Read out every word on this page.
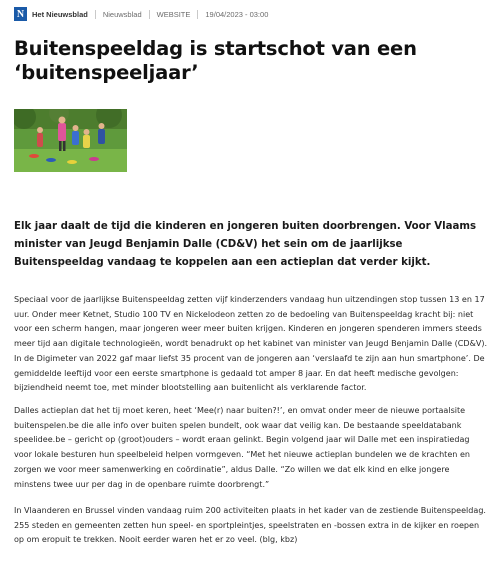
N	Het Nieuwsblad Nieuwsblad WEBSITE 19/04/2023 - 03:00
Buitenspeeldag is startschot van een ‘buitenspeeljaar’

Elk jaar daalt de tijd die kinderen en jongeren buiten doorbrengen. Voor Vlaams minister van Jeugd Benjamin Dalle (CD&V) het sein om de jaarlijkse Buitenspeeldag vandaag te koppelen aan een actieplan dat verder kijkt.

Speciaal voor de jaarlijkse Buitenspeeldag zetten vijf kinderzenders vandaag hun uitzendingen stop tussen 13 en 17 uur. Onder meer Ketnet, Studio 100 TV en Nickelodeon zetten zo de bedoeling van Buitenspeeldag kracht bij: niet voor een scherm hangen, maar jongeren weer meer buiten krijgen. Kinderen en jongeren spenderen immers steeds meer tijd aan digitale technologieën, wordt benadrukt op het kabinet van minister van Jeugd Benjamin Dalle (CD&V). In de Digimeter van 2022 gaf maar liefst 35 procent van de jongeren aan ‘verslaafd te zijn aan hun smartphone’. De gemiddelde leeftijd voor een eerste smartphone is gedaald tot amper 8 jaar. En dat heeft medische gevolgen: bijziendheid neemt toe, met minder blootstelling aan buitenlicht als verklarende factor.

Dalles actieplan dat het tij moet keren, heet ‘Mee(r) naar buiten?!’, en omvat onder meer de nieuwe portaalsite buitenspelen.be die alle info over buiten spelen bundelt, ook waar dat veilig kan. De bestaande speeldatabank speelidee.be – gericht op (groot)ouders – wordt eraan gelinkt. Begin volgend jaar wil Dalle met een inspiratiedag voor lokale besturen hun speelbeleid helpen vormgeven. “Met het nieuwe actieplan bundelen we de krachten en zorgen we voor meer samenwerking en coördinatie”, aldus Dalle. “Zo willen we dat elk kind en elke jongere minstens twee uur per dag in de openbare ruimte doorbrengt.”

In Vlaanderen en Brussel vinden vandaag ruim 200 activiteiten plaats in het kader van de zestiende Buitenspeeldag. 255 steden en gemeenten zetten hun speel- en sportpleintjes, speelstraten en -bossen extra in de kijker en roepen op om eropuit te trekken. Nooit eerder waren het er zo veel. (blg, kbz)
